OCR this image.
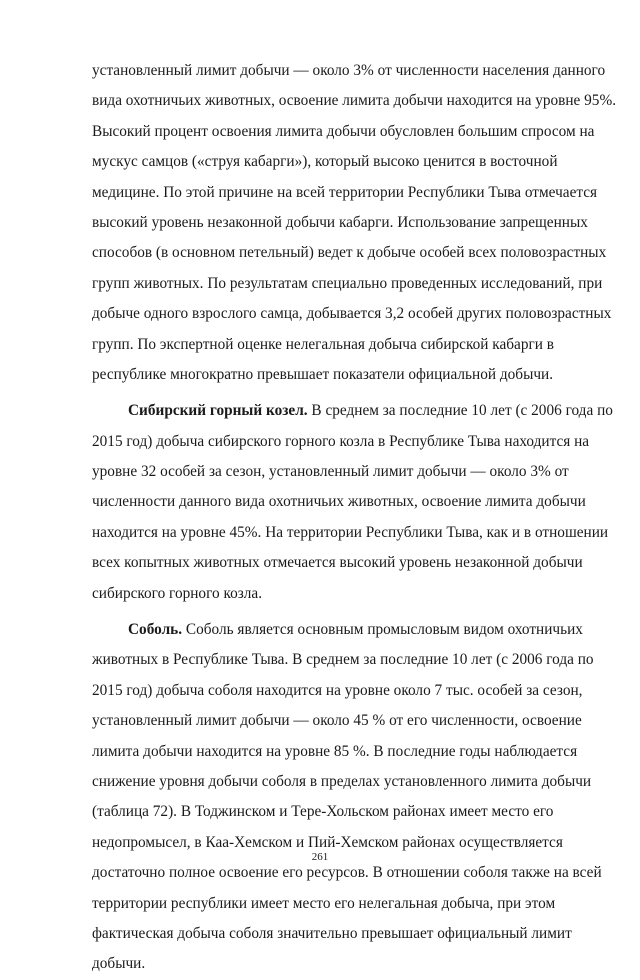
установленный лимит добычи — около 3% от численности населения данного
вида охотничьих животных, освоение лимита добычи находится на уровне 95%.
Высокий процент освоения лимита добычи обусловлен большим спросом на
мускус самцов («струя кабарги»), который высоко ценится в восточной
медицине. По этой причине на всей территории Республики Тыва отмечается
высокий уровень незаконной добычи кабарги. Использование запрещенных
способов (в основном петельный) ведет к добыче особей всех половозрастных
групп животных. По результатам специально проведенных исследований, при
добыче одного взрослого самца, добывается 3,2 особей других половозрастных
групп. По экспертной оценке нелегальная добыча сибирской кабарги в
республике многократно превышает показатели официальной добычи.
Сибирский горный козел. В среднем за последние 10 лет (с 2006 года по
2015 год) добыча сибирского горного козла в Республике Тыва находится на
уровне 32 особей за сезон, установленный лимит добычи — около 3% от
численности данного вида охотничьих животных, освоение лимита добычи
находится на уровне 45%. На территории Республики Тыва, как и в отношении
всех копытных животных отмечается высокий уровень незаконной добычи
сибирского горного козла.
Соболь. Соболь является основным промысловым видом охотничьих
животных в Республике Тыва. В среднем за последние 10 лет (с 2006 года по
2015 год) добыча соболя находится на уровне около 7 тыс. особей за сезон,
установленный лимит добычи — около 45 % от его численности, освоение
лимита добычи находится на уровне 85 %. В последние годы наблюдается
снижение уровня добычи соболя в пределах установленного лимита добычи
(таблица 72). В Тоджинском и Тере-Хольском районах имеет место его
недопромысел, в Каа-Хемском и Пий-Хемском районах осуществляется
достаточно полное освоение его ресурсов. В отношении соболя также на всей
территории республики имеет место его нелегальная добыча, при этом
фактическая добыча соболя значительно превышает официальный лимит
добычи.
261
